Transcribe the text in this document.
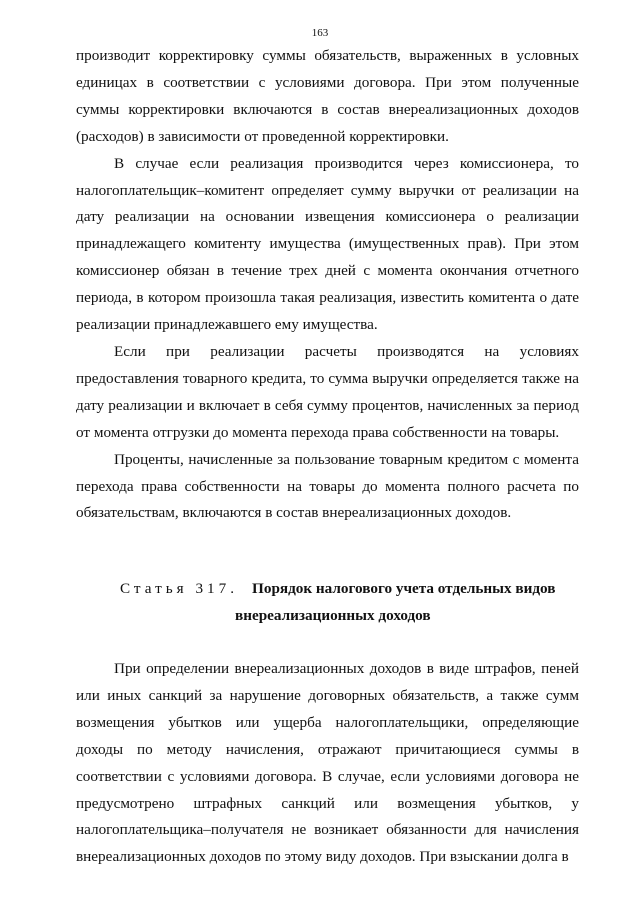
163

производит корректировку суммы обязательств, выраженных в условных единицах в соответствии с условиями договора. При этом полученные суммы корректировки включаются в состав внереализационных доходов (расходов) в зависимости от проведенной корректировки.

В случае если реализация производится через комиссионера, то налогоплательщик–комитент определяет сумму выручки от реализации на дату реализации на основании извещения комиссионера о реализации принадлежащего комитенту имущества (имущественных прав). При этом комиссионер обязан в течение трех дней с момента окончания отчетного периода, в котором произошла такая реализация, известить комитента о дате реализации принадлежавшего ему имущества.

Если при реализации расчеты производятся на условиях предоставления товарного кредита, то сумма выручки определяется также на дату реализации и включает в себя сумму процентов, начисленных за период от момента отгрузки до момента перехода права собственности на товары.

Проценты, начисленные за пользование товарным кредитом с момента перехода права собственности на товары до момента полного расчета по обязательствам, включаются в состав внереализационных доходов.

Статья 317. Порядок налогового учета отдельных видов
внереализационных доходов

При определении внереализационных доходов в виде штрафов, пеней или иных санкций за нарушение договорных обязательств, а также сумм возмещения убытков или ущерба налогоплательщики, определяющие доходы по методу начисления, отражают причитающиеся суммы в соответствии с условиями договора. В случае, если условиями договора не предусмотрено штрафных санкций или возмещения убытков, у налогоплательщика–получателя не возникает обязанности для начисления внереализационных доходов по этому виду доходов. При взыскании долга в
